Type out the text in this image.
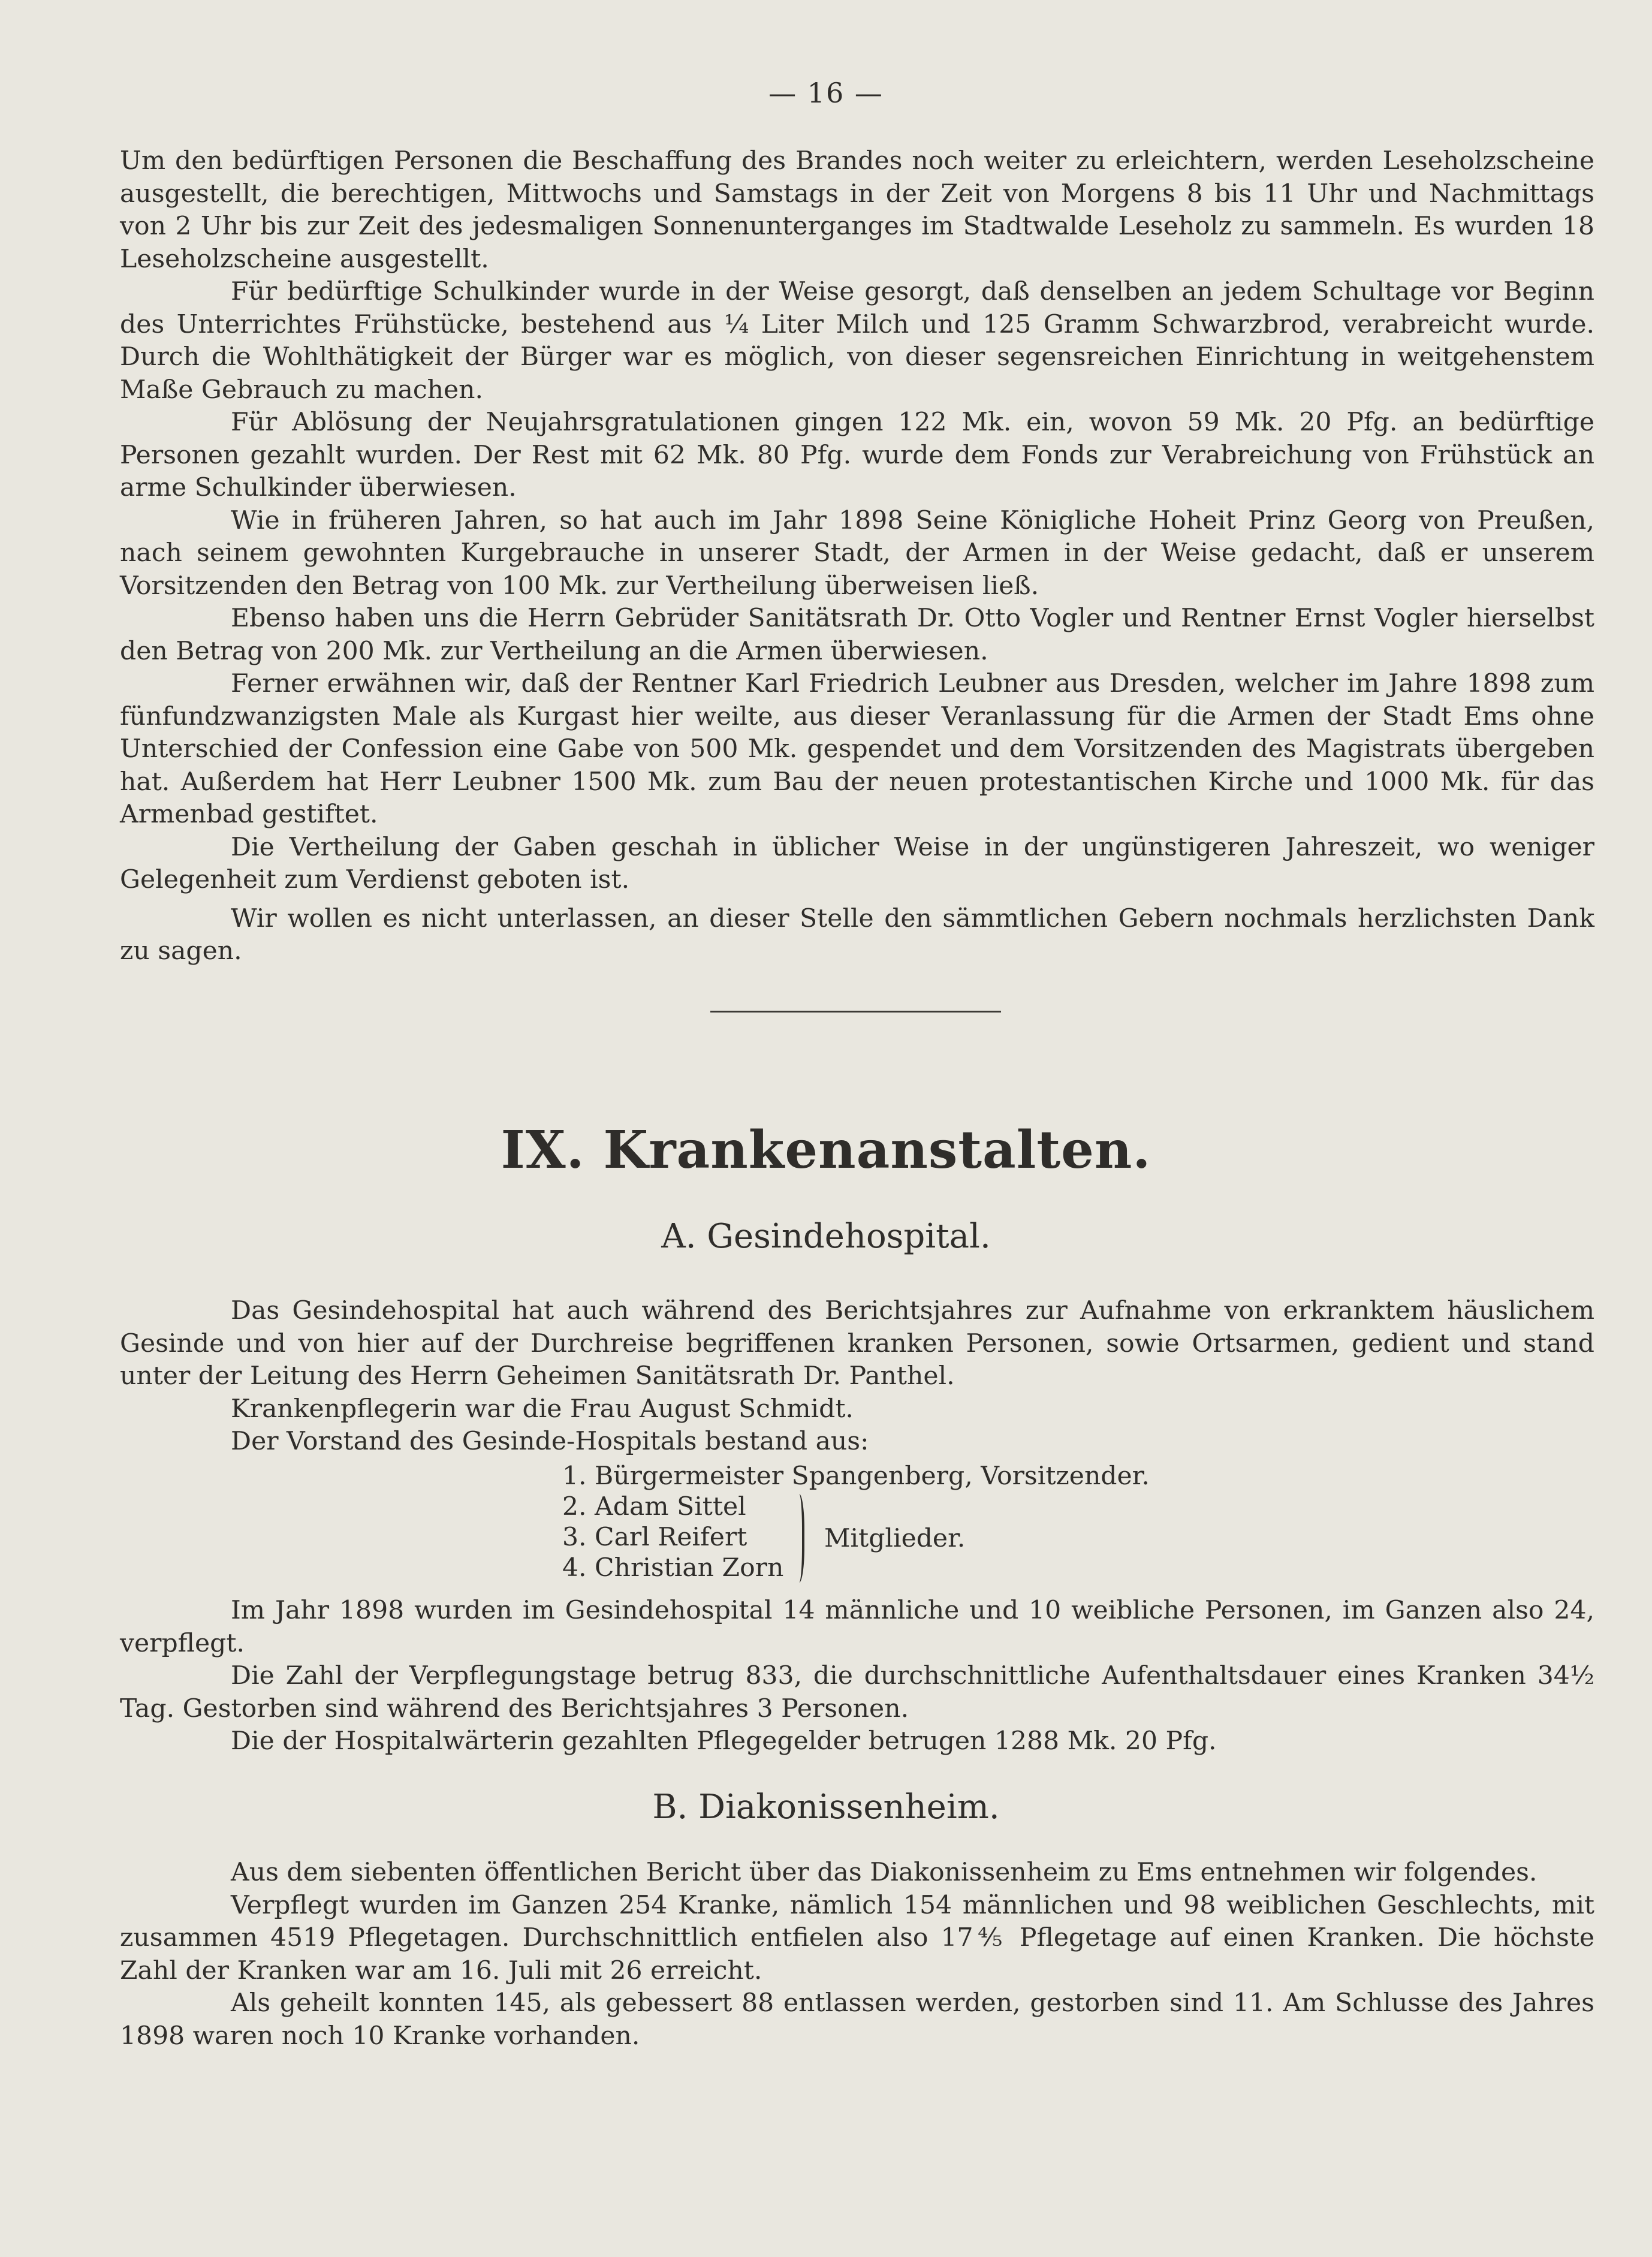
— 16 —

Um den bedürftigen Personen die Beschaffung des Brandes noch weiter zu erleichtern, werden Leseholzscheine ausgestellt, die berechtigen, Mittwochs und Samstags in der Zeit von Morgens 8 bis 11 Uhr und Nachmittags von 2 Uhr bis zur Zeit des jedesmaligen Sonnenunterganges im Stadtwalde Leseholz zu sammeln. Es wurden 18 Leseholzscheine ausgestellt.

Für bedürftige Schulkinder wurde in der Weise gesorgt, daß denselben an jedem Schultage vor Beginn des Unterrichtes Frühstücke, bestehend aus ¼ Liter Milch und 125 Gramm Schwarzbrod, verabreicht wurde. Durch die Wohlthätigkeit der Bürger war es möglich, von dieser segensreichen Einrichtung in weitgehenstem Maße Gebrauch zu machen.

Für Ablösung der Neujahrsgratulationen gingen 122 Mk. ein, wovon 59 Mk. 20 Pfg. an bedürftige Personen gezahlt wurden. Der Rest mit 62 Mk. 80 Pfg. wurde dem Fonds zur Verabreichung von Frühstück an arme Schulkinder überwiesen.

Wie in früheren Jahren, so hat auch im Jahr 1898 Seine Königliche Hoheit Prinz Georg von Preußen, nach seinem gewohnten Kurgebrauche in unserer Stadt, der Armen in der Weise gedacht, daß er unserem Vorsitzenden den Betrag von 100 Mk. zur Vertheilung überweisen ließ.

Ebenso haben uns die Herrn Gebrüder Sanitätsrath Dr. Otto Vogler und Rentner Ernst Vogler hierselbst den Betrag von 200 Mk. zur Vertheilung an die Armen überwiesen.

Ferner erwähnen wir, daß der Rentner Karl Friedrich Leubner aus Dresden, welcher im Jahre 1898 zum fünfundzwanzigsten Male als Kurgast hier weilte, aus dieser Veranlassung für die Armen der Stadt Ems ohne Unterschied der Confession eine Gabe von 500 Mk. gespendet und dem Vorsitzenden des Magistrats übergeben hat. Außerdem hat Herr Leubner 1500 Mk. zum Bau der neuen protestantischen Kirche und 1000 Mk. für das Armenbad gestiftet.

Die Vertheilung der Gaben geschah in üblicher Weise in der ungünstigeren Jahreszeit, wo weniger Gelegenheit zum Verdienst geboten ist.

Wir wollen es nicht unterlassen, an dieser Stelle den sämmtlichen Gebern nochmals herzlichsten Dank zu sagen.

IX. Krankenanstalten.
A. Gesindehospital.

Das Gesindehospital hat auch während des Berichtsjahres zur Aufnahme von erkranktem häuslichem Gesinde und von hier auf der Durchreise begriffenen kranken Personen, sowie Ortsarmen, gedient und stand unter der Leitung des Herrn Geheimen Sanitätsrath Dr. Panthel.

Krankenpflegerin war die Frau August Schmidt.

Der Vorstand des Gesinde-Hospitals bestand aus:

1. Bürgermeister Spangenberg, Vorsitzender.
2. Adam Sittel
3. Carl Reifert
4. Christian Zorn
Mitglieder.

Im Jahr 1898 wurden im Gesindehospital 14 männliche und 10 weibliche Personen, im Ganzen also 24, verpflegt.

Die Zahl der Verpflegungstage betrug 833, die durchschnittliche Aufenthaltsdauer eines Kranken 34½ Tag. Gestorben sind während des Berichtsjahres 3 Personen.

Die der Hospitalwärterin gezahlten Pflegegelder betrugen 1288 Mk. 20 Pfg.

B. Diakonissenheim.

Aus dem siebenten öffentlichen Bericht über das Diakonissenheim zu Ems entnehmen wir folgendes.

Verpflegt wurden im Ganzen 254 Kranke, nämlich 154 männlichen und 98 weiblichen Geschlechts, mit zusammen 4519 Pflegetagen. Durchschnittlich entfielen also 17⅘ Pflegetage auf einen Kranken. Die höchste Zahl der Kranken war am 16. Juli mit 26 erreicht.

Als geheilt konnten 145, als gebessert 88 entlassen werden, gestorben sind 11. Am Schlusse des Jahres 1898 waren noch 10 Kranke vorhanden.
